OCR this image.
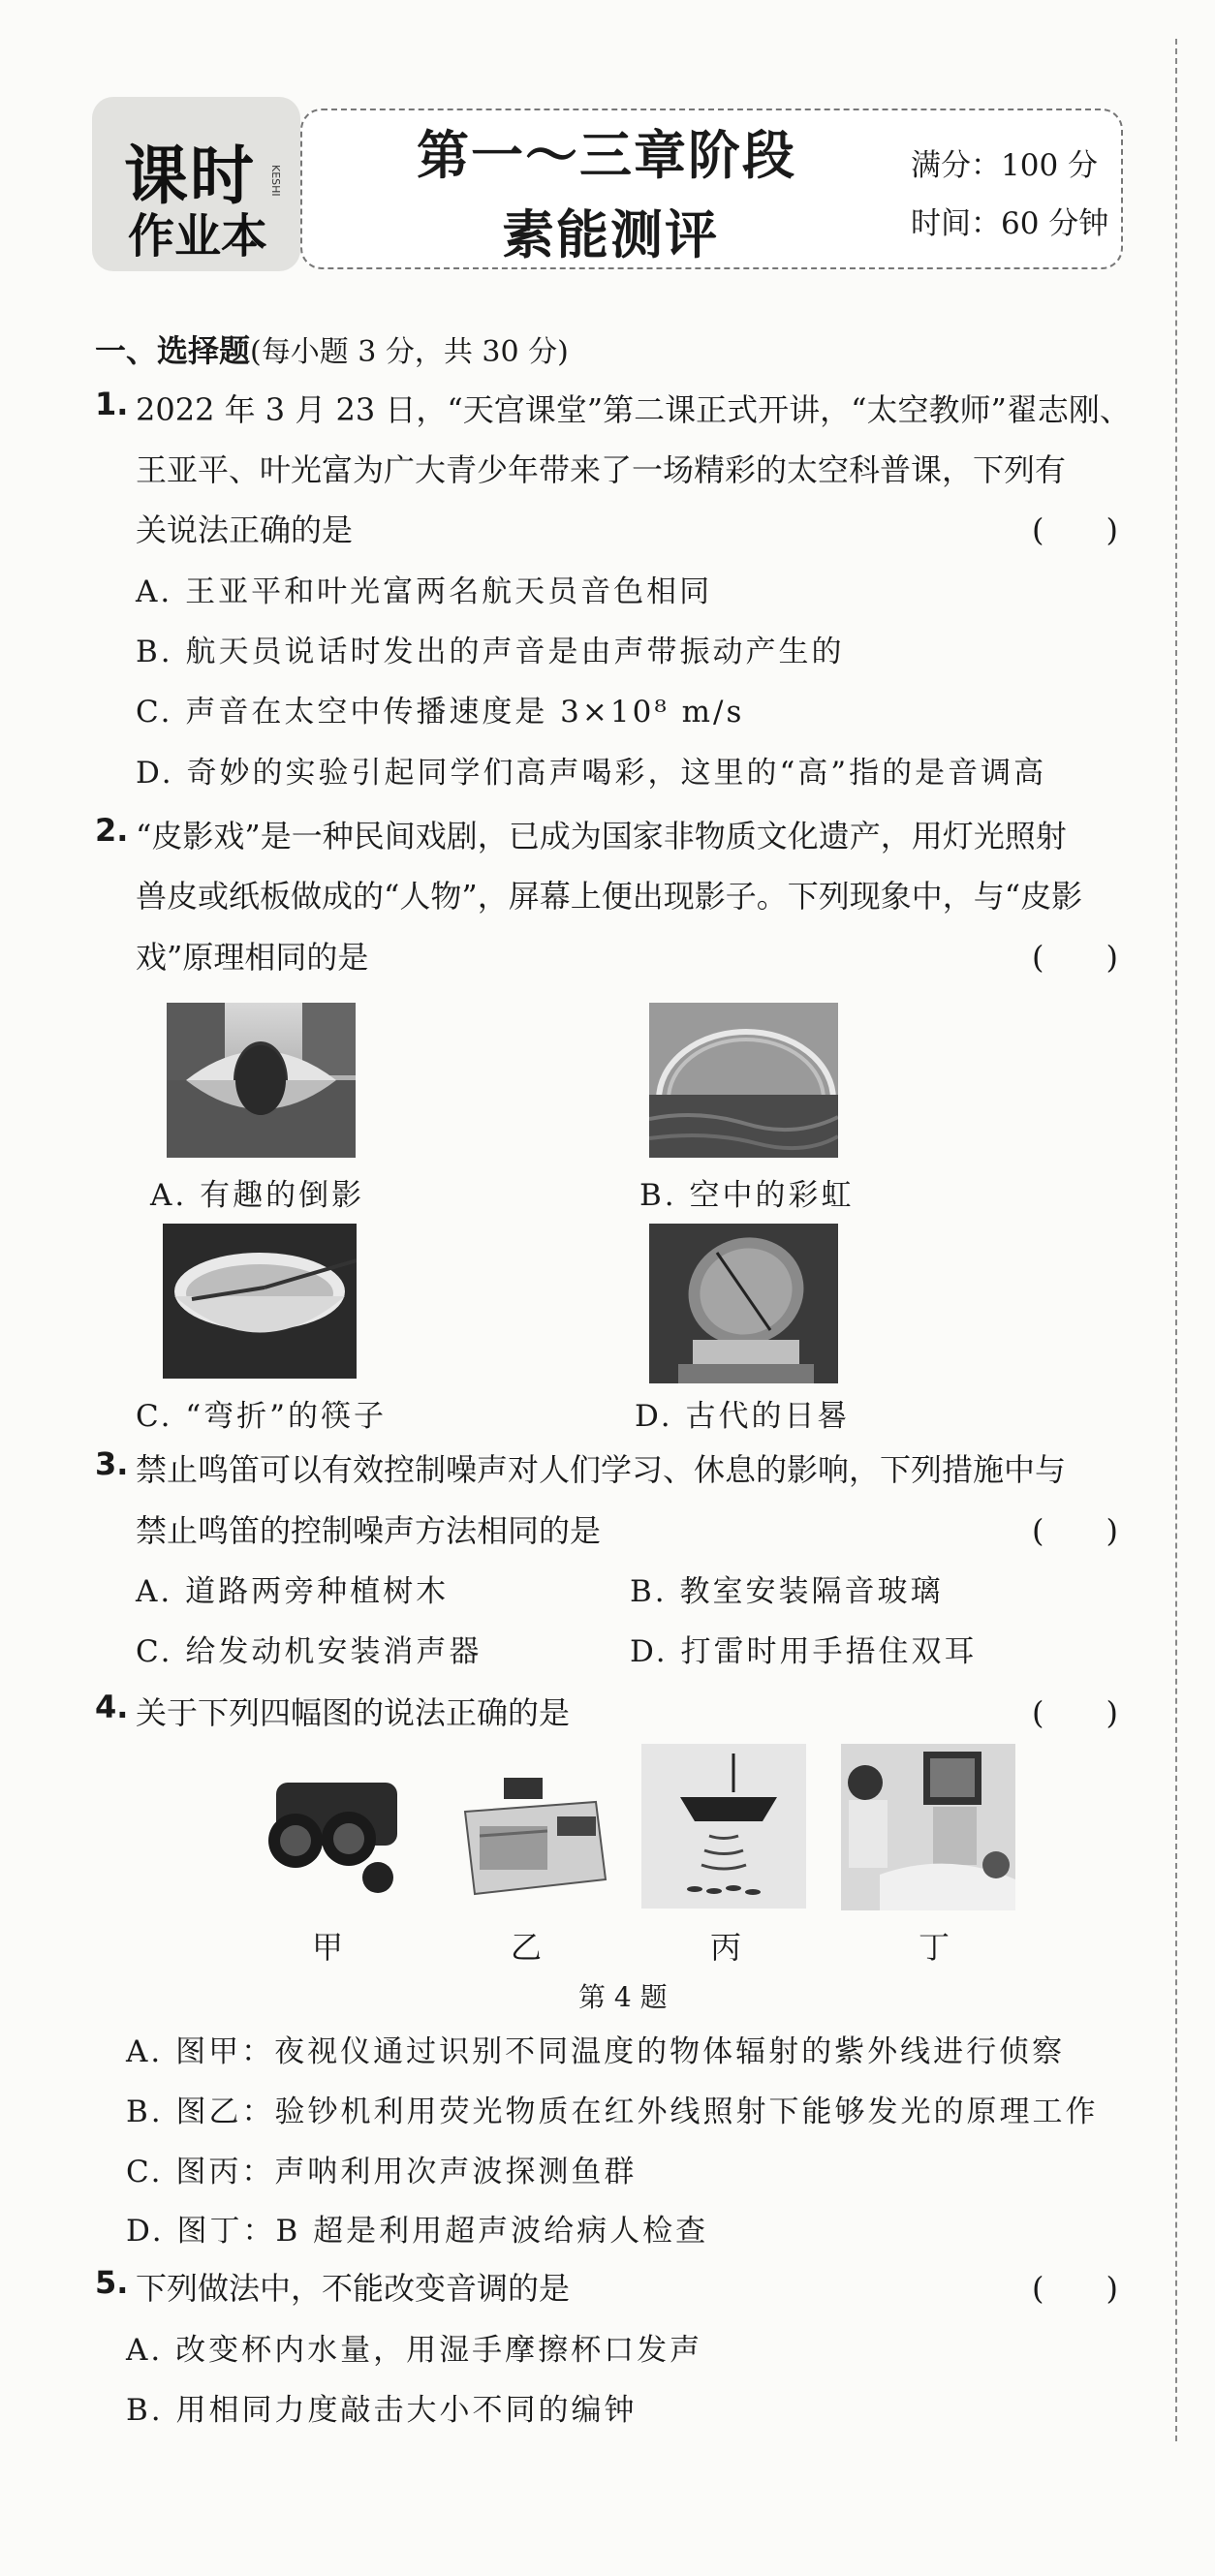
课时 KESHI
作业本
第一～三章阶段
素能测评
满分：100 分
时间：60 分钟
一、选择题(每小题 3 分，共 30 分)
1. 2022 年 3 月 23 日，“天宫课堂”第二课正式开讲，“太空教师”翟志刚、
王亚平、叶光富为广大青少年带来了一场精彩的太空科普课，下列有
关说法正确的是	(　　)
A. 王亚平和叶光富两名航天员音色相同
B. 航天员说话时发出的声音是由声带振动产生的
C. 声音在太空中传播速度是 3×10⁸ m/s
D. 奇妙的实验引起同学们高声喝彩，这里的“高”指的是音调高
2. “皮影戏”是一种民间戏剧，已成为国家非物质文化遗产，用灯光照射
兽皮或纸板做成的“人物”，屏幕上便出现影子。下列现象中，与“皮影
戏”原理相同的是	(　　)
A. 有趣的倒影	B. 空中的彩虹
C. “弯折”的筷子	D. 古代的日晷
3. 禁止鸣笛可以有效控制噪声对人们学习、休息的影响，下列措施中与
禁止鸣笛的控制噪声方法相同的是	(　　)
A. 道路两旁种植树木	B. 教室安装隔音玻璃
C. 给发动机安装消声器	D. 打雷时用手捂住双耳
4. 关于下列四幅图的说法正确的是	(　　)
甲	乙	丙	丁
第 4 题
A. 图甲：夜视仪通过识别不同温度的物体辐射的紫外线进行侦察
B. 图乙：验钞机利用荧光物质在红外线照射下能够发光的原理工作
C. 图丙：声呐利用次声波探测鱼群
D. 图丁：B 超是利用超声波给病人检查
5. 下列做法中，不能改变音调的是	(　　)
A. 改变杯内水量，用湿手摩擦杯口发声
B. 用相同力度敲击大小不同的编钟
